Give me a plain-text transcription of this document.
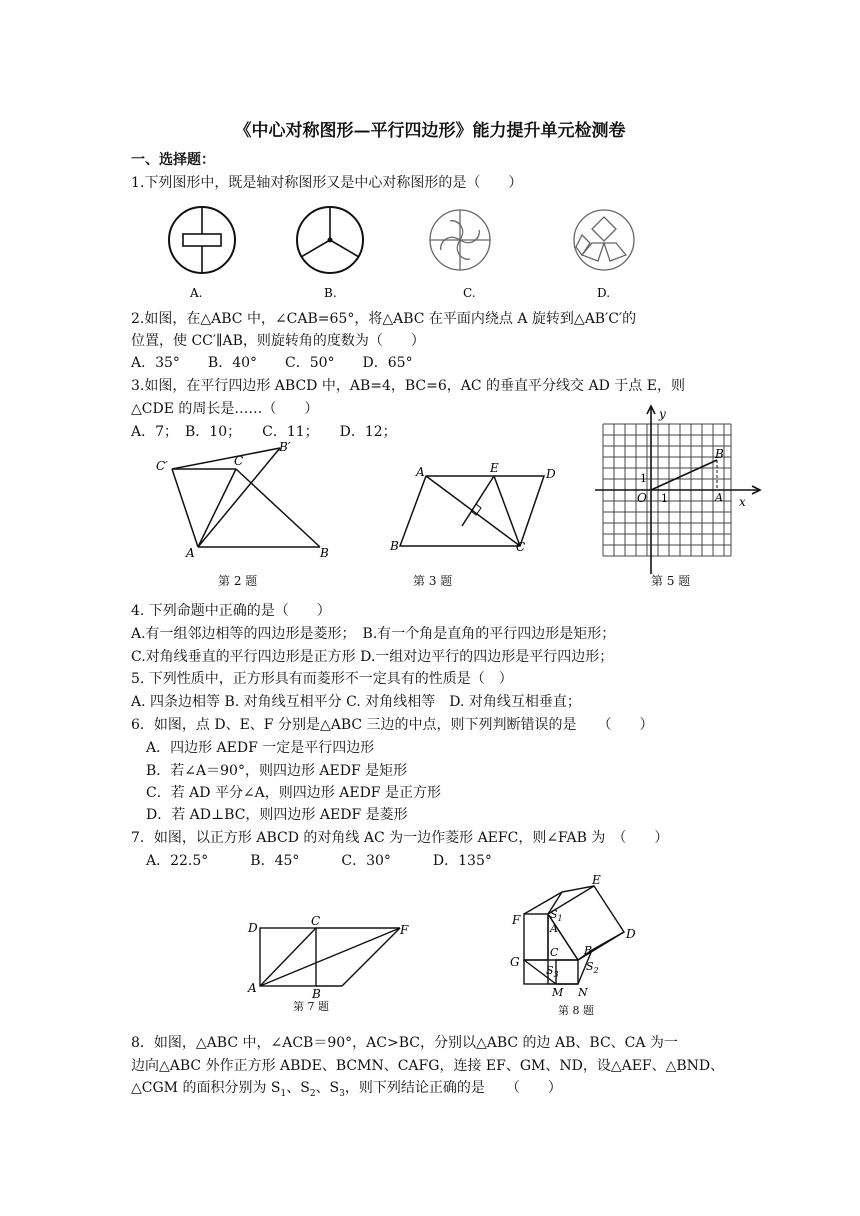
《中心对称图形—平行四边形》能力提升单元检测卷
一、选择题：
1.下列图形中，既是轴对称图形又是中心对称图形的是（　　）
A.	B.	C.	D.
2.如图，在△ABC 中，∠CAB=65°，将△ABC 在平面内绕点 A 旋转到△AB′C′的
位置，使 CC′∥AB，则旋转角的度数为（　　）
A．35°　　B．40°　　C．50°　　D．65°
3.如图，在平行四边形 ABCD 中，AB=4，BC=6，AC 的垂直平分线交 AD 于点 E，则
△CDE 的周长是……（　　）
A．7；　B．10；　　C．11；　　D．12；
C′
B′
C
A	B
第 2 题
A	E	D
B	C
第 3 题
y
x
O
1
1
B
A
第 5 题
4. 下列命题中正确的是（　　）
A.有一组邻边相等的四边形是菱形；　B.有一个角是直角的平行四边形是矩形；
C.对角线垂直的平行四边形是正方形 D.一组对边平行的四边形是平行四边形；
5. 下列性质中，正方形具有而菱形不一定具有的性质是（　）
A. 四条边相等 B. 对角线互相平分 C. 对角线相等　D. 对角线互相垂直；
6．如图，点 D、E、F 分别是△ABC 三边的中点，则下列判断错误的是　　（　　）
A．四边形 AEDF 一定是平行四边形
B．若∠A＝90°，则四边形 AEDF 是矩形
C．若 AD 平分∠A，则四边形 AEDF 是正方形
D．若 AD⊥BC，则四边形 AEDF 是菱形
7．如图，以正方形 ABCD 的对角线 AC 为一边作菱形 AEFC，则∠FAB 为　（　　）
A．22.5°　　　B．45°　　　C．30°　　　D．135°
D	C
F
A	B
第 7 题
E
F	$S_1$
A	D
C B
G
$S_3$
$S_2$
M N
第 8 题
8．如图，△ABC 中，∠ACB＝90°，AC>BC，分别以△ABC 的边 AB、BC、CA 为一
边向△ABC 外作正方形 ABDE、BCMN、CAFG，连接 EF、GM、ND，设△AEF、△BND、
△CGM 的面积分别为 $S_1$、$S_2$、$S_3$，则下列结论正确的是　　（　　）
